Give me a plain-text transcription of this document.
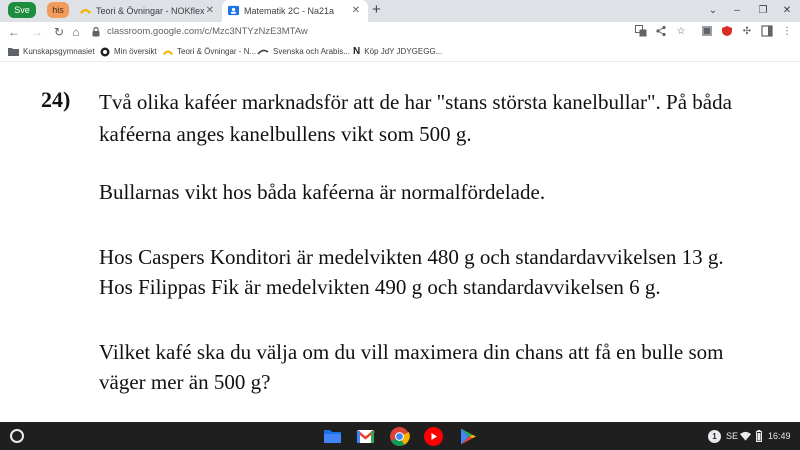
Sve	his	Teori & Övningar - NOKflex ✕	Matematik 2C - Na21a ✕ +	⌄	–	❐	✕
← → ↻ ⌂	classroom.google.com/c/Mzc3NTYzNzE3MTAw	☆	✣	⋮
Kunskapsgymnasiet	Min översikt	Teori & Övningar - N...	Svenska och Arabis... N Köp JdY JDYGEGG...
24) Två olika kaféer marknadsför att de har "stans största kanelbullar". På båda
kaféerna anges kanelbullens vikt som 500 g.
Bullarnas vikt hos båda kaféerna är normalfördelade.
Hos Caspers Konditori är medelvikten 480 g och standardavvikelsen 13 g.
Hos Filippas Fik är medelvikten 490 g och standardavvikelsen 6 g.
Vilket kafé ska du välja om du vill maximera din chans att få en bulle som
väger mer än 500 g?
1	SE	16:49
